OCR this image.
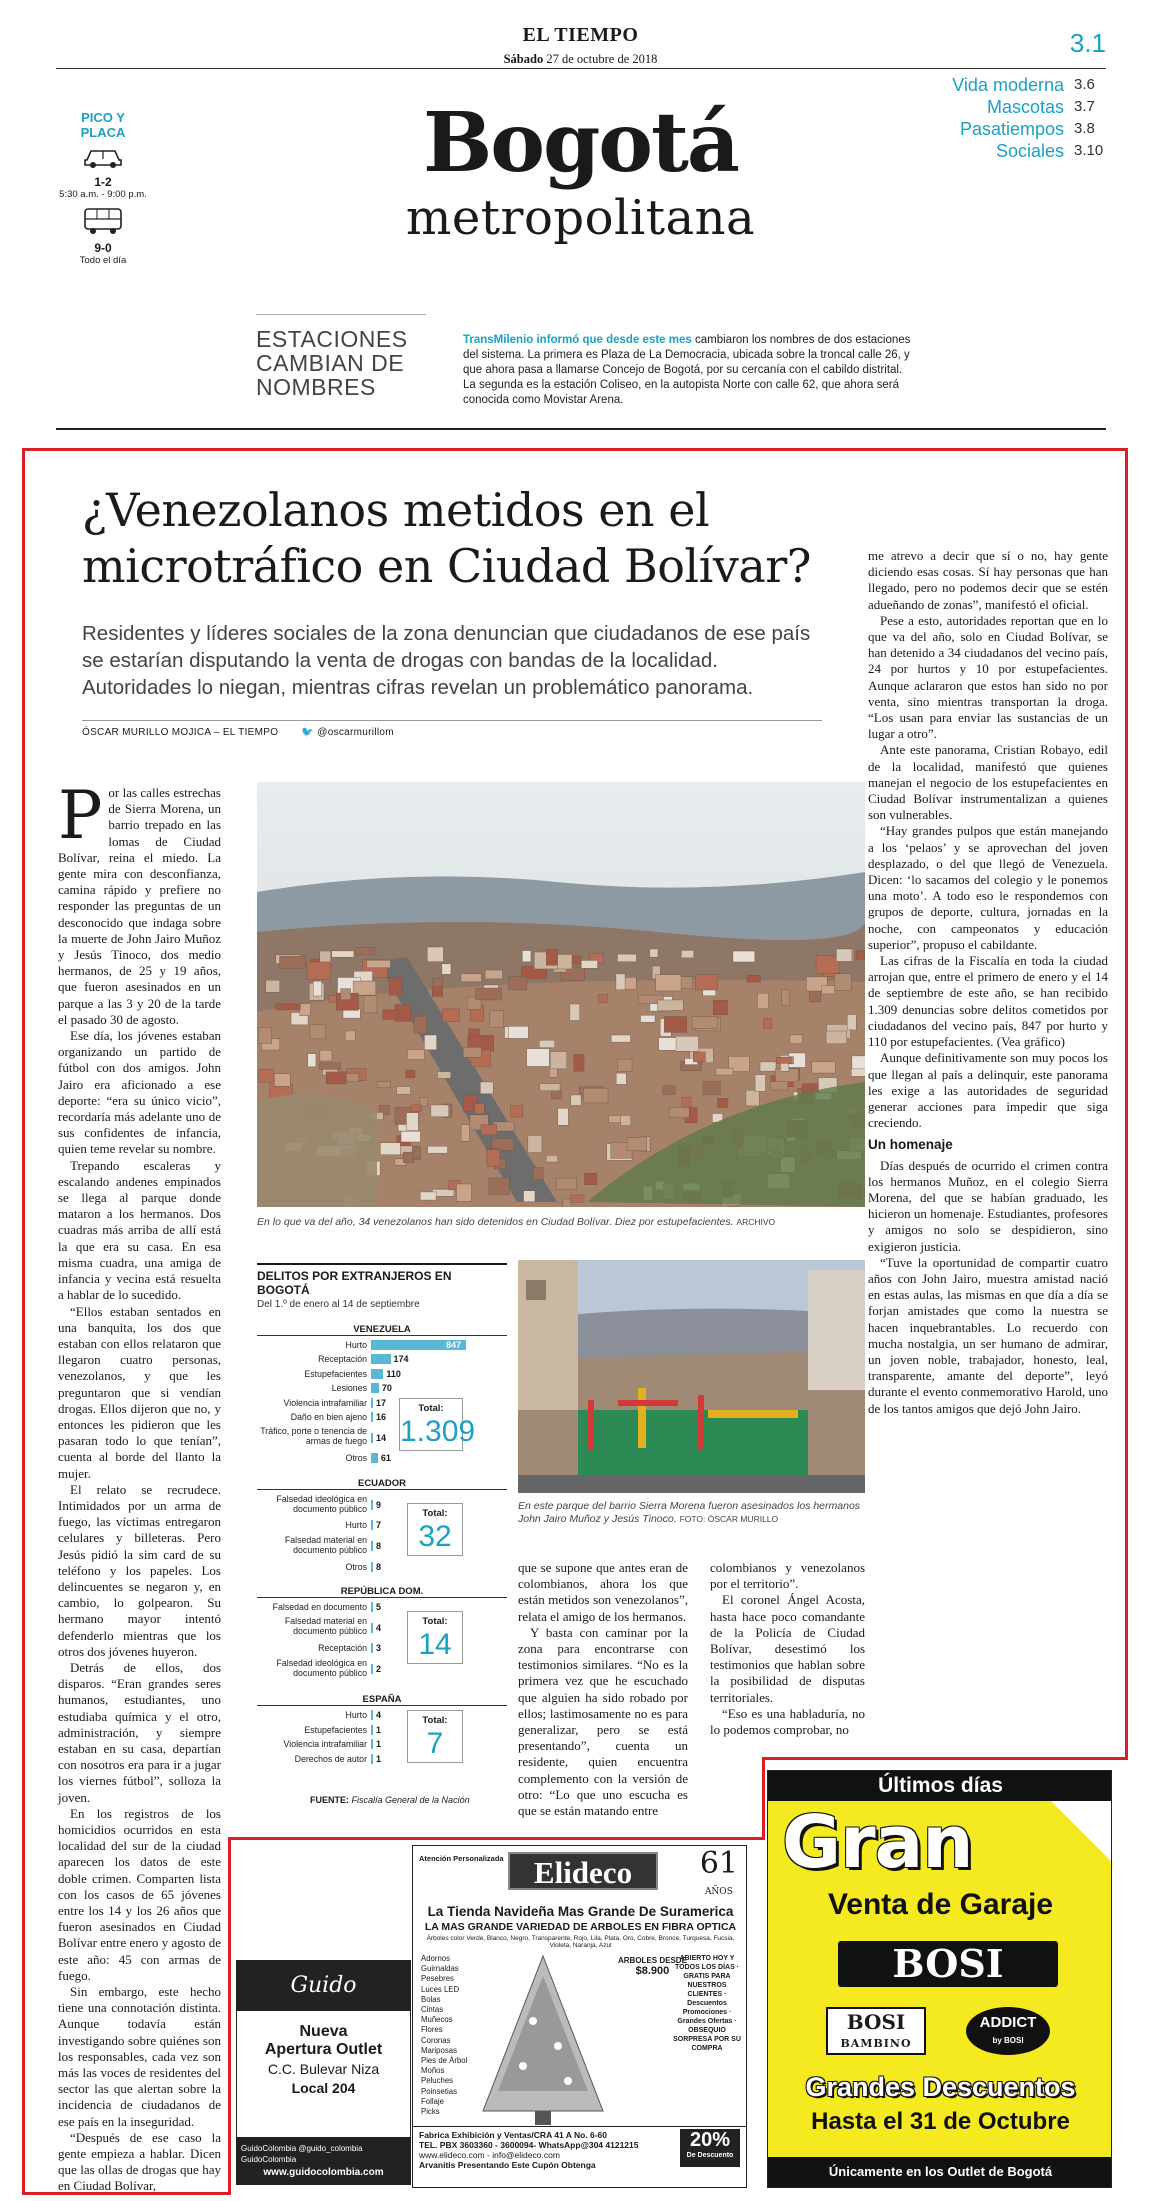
EL TIEMPO
Sábado 27 de octubre de 2018
3.1
Vida moderna 3.6
Mascotas 3.7
Pasatiempos 3.8
Sociales 3.10
PICO Y PLACA
1-2
5:30 a.m. - 9:00 p.m.
9-0
Todo el día
Bogotá
metropolitana
ESTACIONES CAMBIAN DE NOMBRES
TransMilenio informó que desde este mes cambiaron los nombres de dos estaciones del sistema. La primera es Plaza de La Democracia, ubicada sobre la troncal calle 26, y que ahora pasa a llamarse Concejo de Bogotá, por su cercanía con el cabildo distrital. La segunda es la estación Coliseo, en la autopista Norte con calle 62, que ahora será conocida como Movistar Arena.
¿Venezolanos metidos en el microtráfico en Ciudad Bolívar?
Residentes y líderes sociales de la zona denuncian que ciudadanos de ese país se estarían disputando la venta de drogas con bandas de la localidad. Autoridades lo niegan, mientras cifras revelan un problemático panorama.
ÓSCAR MURILLO MOJICA – EL TIEMPO 🐦 @oscarmurillom

Por las calles estrechas de Sierra Morena, un barrio trepado en las lomas de Ciudad Bolívar, reina el miedo. La gente mira con desconfianza, camina rápido y prefiere no responder las preguntas de un desconocido que indaga sobre la muerte de John Jairo Muñoz y Jesús Tinoco, dos medio hermanos, de 25 y 19 años, que fueron asesinados en un parque a las 3 y 20 de la tarde el pasado 30 de agosto.

Ese día, los jóvenes estaban organizando un partido de fútbol con dos amigos. John Jairo era aficionado a ese deporte: “era su único vicio”, recordaría más adelante uno de sus confidentes de infancia, quien teme revelar su nombre.

Trepando escaleras y escalando andenes empinados se llega al parque donde mataron a los hermanos. Dos cuadras más arriba de allí está la que era su casa. En esa misma cuadra, una amiga de infancia y vecina está resuelta a hablar de lo sucedido.

“Ellos estaban sentados en una banquita, los dos que estaban con ellos relataron que llegaron cuatro personas, venezolanos, y que les preguntaron que si vendían drogas. Ellos dijeron que no, y entonces les pidieron que les pasaran todo lo que tenían”, cuenta al borde del llanto la mujer.

El relato se recrudece. Intimidados por un arma de fuego, las víctimas entregaron celulares y billeteras. Pero Jesús pidió la sim card de su teléfono y los papeles. Los delincuentes se negaron y, en cambio, lo golpearon. Su hermano mayor intentó defenderlo mientras que los otros dos jóvenes huyeron.

Detrás de ellos, dos disparos. “Eran grandes seres humanos, estudiantes, uno estudiaba química y el otro, administración, y siempre estaban en su casa, departían con nosotros era para ir a jugar los viernes fútbol”, solloza la joven.

En los registros de los homicidios ocurridos en esta localidad del sur de la ciudad aparecen los datos de este doble crimen. Comparten lista con los casos de 65 jóvenes entre los 14 y los 26 años que fueron asesinados en Ciudad Bolívar entre enero y agosto de este año: 45 con armas de fuego.

Sin embargo, este hecho tiene una connotación distinta. Aunque todavía están investigando sobre quiénes son los responsables, cada vez son más las voces de residentes del sector las que alertan sobre la incidencia de ciudadanos de ese país en la inseguridad.

“Después de ese caso la gente empieza a hablar. Dicen que las ollas de drogas que hay en Ciudad Bolívar,

En lo que va del año, 34 venezolanos han sido detenidos en Ciudad Bolívar. Diez por estupefacientes. ARCHIVO
DELITOS POR EXTRANJEROS EN BOGOTÁ
Del 1.º de enero al 14 de septiembre
VENEZUELA
Hurto	847
Receptación	174
Estupefacientes 110
Lesiones 70
Violencia intrafamiliar 17
Daño en bien ajeno 16
Tráfico, porte o tenencia de armas de fuego 14
Otros 61
Total:
1.309
ECUADOR
Falsedad ideológica en documento público 9
Hurto 7
Falsedad material en documento público 8
Otros 8
Total:
32
REPÚBLICA DOM.
Falsedad en documento 5
Falsedad material en documento público 4
Receptación 3
Falsedad ideológica en documento público 2
Total:
14
ESPAÑA
Hurto 4
Estupefacientes 1
Violencia intrafamiliar 1
Derechos de autor 1
Total:
7
FUENTE: Fiscalía General de la Nación
En este parque del barrio Sierra Morena fueron asesinados los hermanos John Jairo Muñoz y Jesús Tinoco. FOTO: ÓSCAR MURILLO

que se supone que antes eran de colombianos, ahora los que están metidos son venezolanos”, relata el amigo de los hermanos.

Y basta con caminar por la zona para encontrarse con testimonios similares. “No es la primera vez que he escuchado que alguien ha sido robado por ellos; lastimosamente no es para generalizar, pero se está presentando”, cuenta un residente, quien encuentra complemento con la versión de otro: “Lo que uno escucha es que se están matando entre

colombianos y venezolanos por el territorio”.

El coronel Ángel Acosta, hasta hace poco comandante de la Policía de Ciudad Bolívar, desestimó los testimonios que hablan sobre la posibilidad de disputas territoriales.

“Eso es una habladuría, no lo podemos comprobar, no

me atrevo a decir que sí o no, hay gente diciendo esas cosas. Sí hay personas que han llegado, pero no podemos decir que se estén adueñando de zonas”, manifestó el oficial.

Pese a esto, autoridades reportan que en lo que va del año, solo en Ciudad Bolívar, se han detenido a 34 ciudadanos del vecino país, 24 por hurtos y 10 por estupefacientes. Aunque aclararon que estos han sido no por venta, sino mientras transportan la droga. “Los usan para enviar las sustancias de un lugar a otro”.

Ante este panorama, Cristian Robayo, edil de la localidad, manifestó que quienes manejan el negocio de los estupefacientes en Ciudad Bolívar instrumentalizan a quienes son vulnerables.

“Hay grandes pulpos que están manejando a los ‘pelaos’ y se aprovechan del joven desplazado, o del que llegó de Venezuela. Dicen: ‘lo sacamos del colegio y le ponemos una moto’. A todo eso le respondemos con grupos de deporte, cultura, jornadas en la noche, con campeonatos y educación superior”, propuso el cabildante.

Las cifras de la Fiscalía en toda la ciudad arrojan que, entre el primero de enero y el 14 de septiembre de este año, se han recibido 1.309 denuncias sobre delitos cometidos por ciudadanos del vecino país, 847 por hurto y 110 por estupefacientes. (Vea gráfico)

Aunque definitivamente son muy pocos los que llegan al país a delinquir, este panorama les exige a las autoridades de seguridad generar acciones para impedir que siga creciendo.

Un homenaje

Días después de ocurrido el crimen contra los hermanos Muñoz, en el colegio Sierra Morena, del que se habían graduado, les hicieron un homenaje. Estudiantes, profesores y amigos no solo se despidieron, sino exigieron justicia.

“Tuve la oportunidad de compartir cuatro años con John Jairo, muestra amistad nació en estas aulas, las mismas en que día a día se forjan amistades que como la nuestra se hacen inquebrantables. Lo recuerdo con mucha nostalgia, un ser humano de admirar, un joven noble, trabajador, honesto, leal, transparente, amante del deporte”, leyó durante el evento conmemorativo Harold, uno de los tantos amigos que dejó John Jairo.

Guido
Nueva
Apertura Outlet
C.C. Bulevar Niza
Local 204
GuidoColombia @guido_colombia GuidoColombia
www.guidocolombia.com
Atención Personalizada Elideco	61
AÑOS
La Tienda Navideña Mas Grande De Suramerica
LA MAS GRANDE VARIEDAD DE ARBOLES EN FIBRA OPTICA
Árboles color Verde, Blanco, Negro, Transparente, Rojo, Lila, Plata, Oro, Cobre, Bronce, Turquesa, Fucsia, Violeta, Naranja, Azul
Adornos
Guirnaldas
Pesebres
Luces LED
Bolas
Cintas
Muñecos
Flores
Coronas
Mariposas
Pies de Árbol
Moños
Peluches
Poinsetias
Follaje
Picks
ARBOLES DESDE
$8.900
ABIERTO HOY Y TODOS LOS DÍAS · GRATIS PARA NUESTROS CLIENTES · Descuentos Promociones · Grandes Ofertas · OBSEQUIO SORPRESA POR SU COMPRA
Fabrica Exhibición y Ventas/CRA 41 A No. 6-60
TEL. PBX 3603360 - 3600094- WhatsApp@304 4121215
www.elideco.com - info@elideco.com
Arvanitis Presentando Este Cupón Obtenga
20%
De Descuento
Últimos días
Gran
Venta de Garaje
BOSI
BOSI
BAMBINO
ADDICT
by BOSI
Grandes Descuentos
Hasta el 31 de Octubre
Únicamente en los Outlet de Bogotá
